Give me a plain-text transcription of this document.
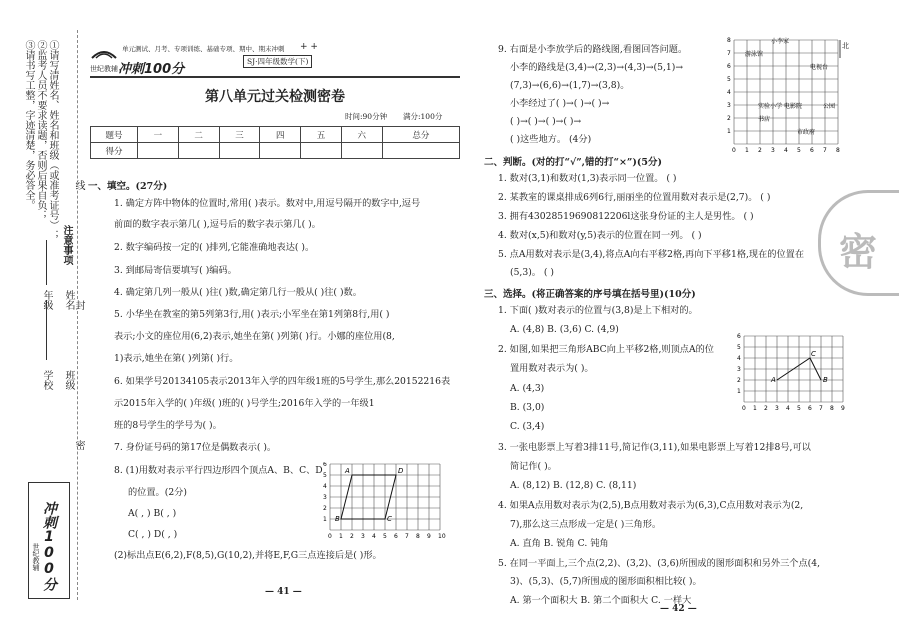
注意事项
①请写清姓名、姓名和班级（或准考证号）；
②监考人员不要求读题，否则后果自负；
③请书写工整，字迹清楚，务必答全。	线
封
密
学校
年级 姓名
班级
冲刺100分
世纪教辅
世纪教辅 冲刺100分
单元测试、月考、专项训练、基础专项、期中、期末冲刺
SJ·四年级数学(下)
+ +
第八单元过关检测密卷
时间:90分钟 满分:100分
题号	一	二	三	四	五	六	总分
得分							
一、填空。(27分)
1. 确定方阵中物体的位置时,常用( )表示。数对中,用逗号隔开的数字中,逗号
前面的数字表示第几( ),逗号后的数字表示第几( )。
2. 数字编码按一定的( )排列,它能准确地表达( )。
3. 到邮局寄信要填写( )编码。
4. 确定第几列一般从( )往( )数,确定第几行一般从( )往( )数。
5. 小华坐在教室的第5列第3行,用( )表示;小军坐在第1列第8行,用( )
表示;小文的座位用(6,2)表示,她坐在第( )列第( )行。小娜的座位用(8,
1)表示,她坐在第( )列第( )行。
6. 如果学号20134105表示2013年入学的四年级1班的5号学生,那么20152216表
示2015年入学的( )年级( )班的( )号学生;2016年入学的一年级1
班的8号学生的学号为( )。
7. 身份证号码的第17位是偶数表示( )。
8. (1)用数对表示平行四边形四个顶点A、B、C、D
的位置。(2分)
A( , ) B( , )
C( , ) D( , )
(2)标出点E(6,2),F(8,5),G(10,2),并将E,F,G三点连接后是( )形。
0 1 2 3 4 5 6 7 8 9 10
1
2
3
4
5
6
A
B	C
D
— 41 —
9. 右面是小李放学后的路线图,看图回答问题。
小李的路线是(3,4)→(2,3)→(4,3)→(5,1)→
(7,3)→(6,6)→(1,7)→(3,8)。
小李经过了( )→( )→( )→
( )→( )→( )→( )→
( )这些地方。 (4分)
0 1 2 3 4 5 6 7 8
1
2
3
4
5
6
7
8	小李家
游泳馆
电视台
实验小学
书店
电影院	公园
市政府
北
二、判断。(对的打“√”,错的打“×”)(5分)
1. 数对(3,1)和数对(1,3)表示同一位置。 ( )
2. 某教室的课桌排成6列6行,丽丽坐的位置用数对表示是(2,7)。 ( )
3. 拥有43028519690812206l这张身份证的主人是男性。 ( )
4. 数对(x,5)和数对(y,5)表示的位置在同一列。 ( )
5. 点A用数对表示是(3,4),将点A向右平移2格,再向下平移1格,现在的位置在
(5,3)。 ( )
三、选择。(将正确答案的序号填在括号里)(10分)
1. 下面( )数对表示的位置与(3,8)是上下相对的。
A. (4,8) B. (3,6) C. (4,9)
2. 如图,如果把三角形ABC向上平移2格,则顶点A的位
置用数对表示为( )。
A. (4,3)
B. (3,0)
C. (3,4)
0 1 2 3 4 5 6 7 8 9
1
2
3
4
5
6
A	B
C
3. 一张电影票上写着3排11号,简记作(3,11),如果电影票上写着12排8号,可以
简记作( )。
A. (8,12) B. (12,8) C. (8,11)
4. 如果A点用数对表示为(2,5),B点用数对表示为(6,3),C点用数对表示为(2,
7),那么这三点形成一定是( )三角形。
A. 直角 B. 锐角 C. 钝角
5. 在同一平面上,三个点(2,2)、(3,2)、(3,6)所围成的图形面积和另外三个点(4,
3)、(5,3)、(5,7)所围成的图形面积相比较( )。
A. 第一个面积大 B. 第二个面积大 C. 一样大
— 42 —
密
